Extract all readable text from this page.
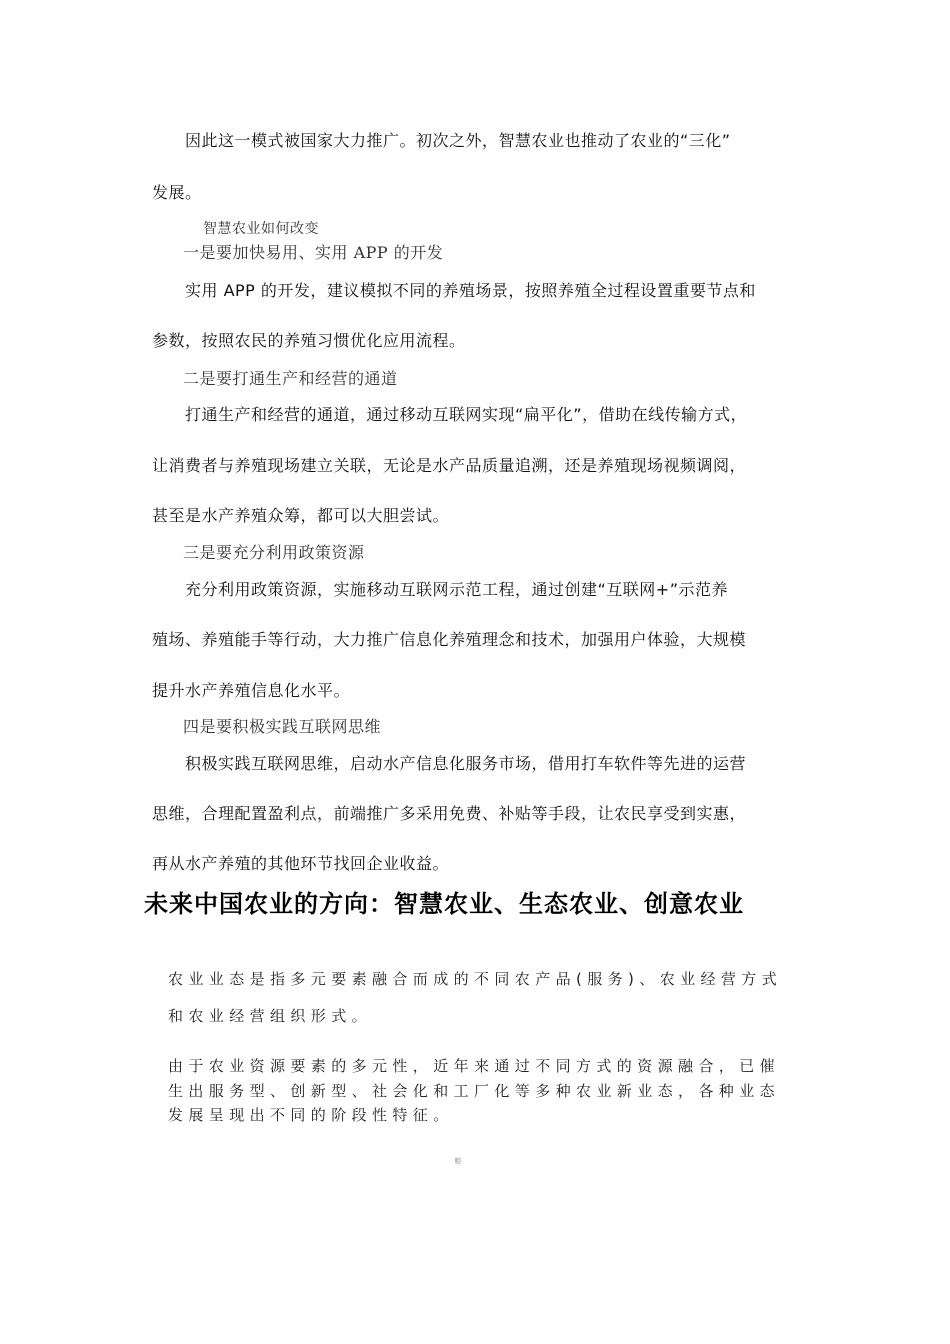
因此这一模式被国家大力推广。初次之外，智慧农业也推动了农业的“三化”
发展。
智慧农业如何改变
一是要加快易用、实用 APP 的开发
实用 APP 的开发，建议模拟不同的养殖场景，按照养殖全过程设置重要节点和
参数，按照农民的养殖习惯优化应用流程。
二是要打通生产和经营的通道
打通生产和经营的通道，通过移动互联网实现“扁平化”，借助在线传输方式，
让消费者与养殖现场建立关联，无论是水产品质量追溯，还是养殖现场视频调阅，
甚至是水产养殖众筹，都可以大胆尝试。
三是要充分利用政策资源
充分利用政策资源，实施移动互联网示范工程，通过创建“互联网+”示范养
殖场、养殖能手等行动，大力推广信息化养殖理念和技术，加强用户体验，大规模
提升水产养殖信息化水平。
四是要积极实践互联网思维
积极实践互联网思维，启动水产信息化服务市场，借用打车软件等先进的运营
思维，合理配置盈利点，前端推广多采用免费、补贴等手段，让农民享受到实惠，
再从水产养殖的其他环节找回企业收益。
未来中国农业的方向：智慧农业、生态农业、创意农业
农业业态是指多元要素融合而成的不同农产品(服务)、农业经营方式
和农业经营组织形式。
由于农业资源要素的多元性，近年来通过不同方式的资源融合，已催
生出服务型、创新型、社会化和工厂化等多种农业新业态，各种业态
发展呈现出不同的阶段性特征。
腔
